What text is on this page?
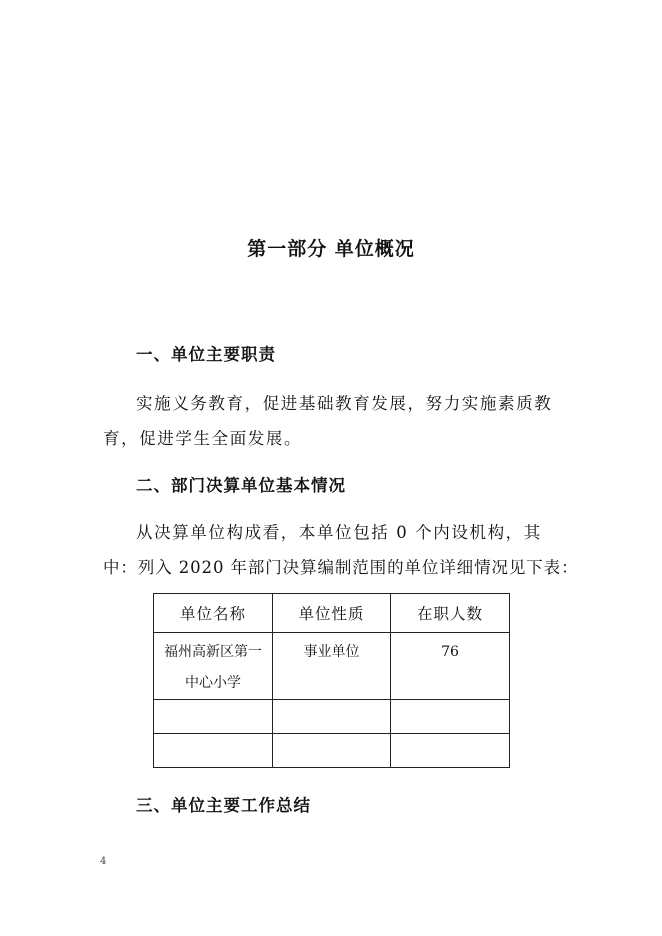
第一部分 单位概况
一、单位主要职责
实施义务教育，促进基础教育发展，努力实施素质教
育，促进学生全面发展。
二、部门决算单位基本情况
从决算单位构成看，本单位包括 0 个内设机构，其
中：列入 2020 年部门决算编制范围的单位详细情况见下表：
单位名称	单位性质	在职人数

福州高新区第一中心小学	事业单位	76

三、单位主要工作总结
4
